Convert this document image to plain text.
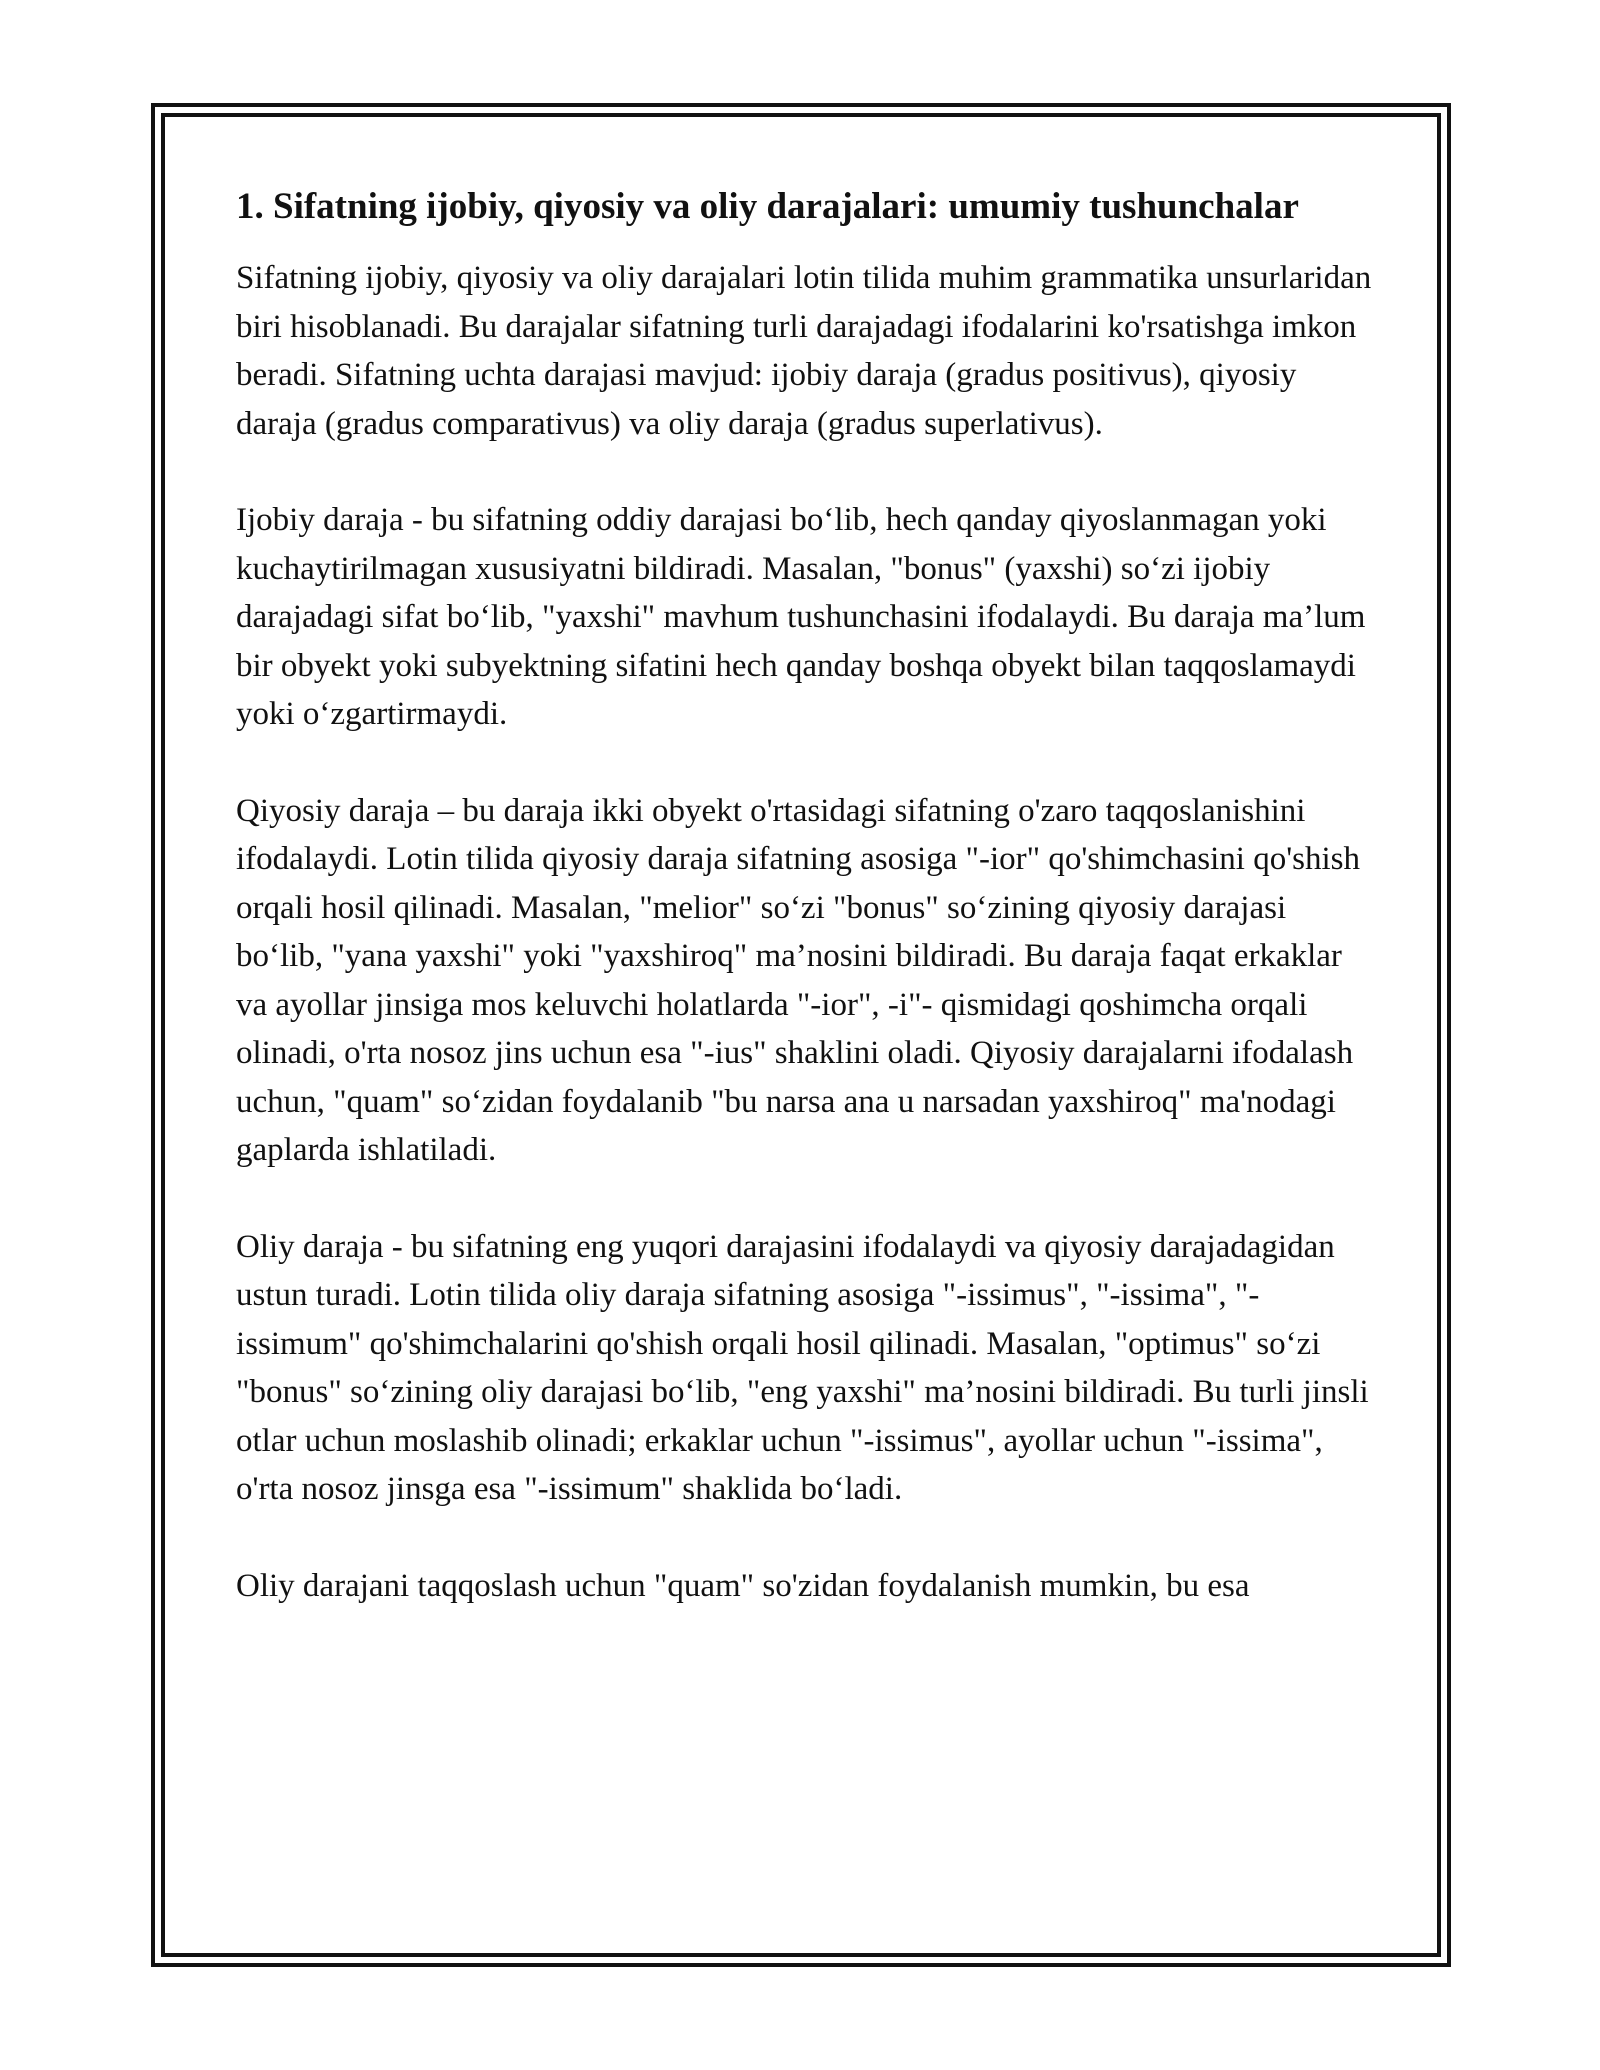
1. Sifatning ijobiy, qiyosiy va oliy darajalari: umumiy tushunchalar

Sifatning ijobiy, qiyosiy va oliy darajalari lotin tilida muhim grammatika unsurlaridan biri hisoblanadi. Bu darajalar sifatning turli darajadagi ifodalarini ko'rsatishga imkon beradi. Sifatning uchta darajasi mavjud: ijobiy daraja (gradus positivus), qiyosiy daraja (gradus comparativus) va oliy daraja (gradus superlativus).

Ijobiy daraja - bu sifatning oddiy darajasi bo‘lib, hech qanday qiyoslanmagan yoki kuchaytirilmagan xususiyatni bildiradi. Masalan, "bonus" (yaxshi) so‘zi ijobiy darajadagi sifat bo‘lib, "yaxshi" mavhum tushunchasini ifodalaydi. Bu daraja ma’lum bir obyekt yoki subyektning sifatini hech qanday boshqa obyekt bilan taqqoslamaydi yoki o‘zgartirmaydi.

Qiyosiy daraja – bu daraja ikki obyekt o'rtasidagi sifatning o'zaro taqqoslanishini ifodalaydi. Lotin tilida qiyosiy daraja sifatning asosiga "-ior" qo'shimchasini qo'shish orqali hosil qilinadi. Masalan, "melior" so‘zi "bonus" so‘zining qiyosiy darajasi bo‘lib, "yana yaxshi" yoki "yaxshiroq" ma’nosini bildiradi. Bu daraja faqat erkaklar va ayollar jinsiga mos keluvchi holatlarda "-ior", -i"- qismidagi qoshimcha orqali olinadi, o'rta nosoz jins uchun esa "-ius" shaklini oladi. Qiyosiy darajalarni ifodalash uchun, "quam" so‘zidan foydalanib "bu narsa ana u narsadan yaxshiroq" ma'nodagi gaplarda ishlatiladi.

Oliy daraja - bu sifatning eng yuqori darajasini ifodalaydi va qiyosiy darajadagidan ustun turadi. Lotin tilida oliy daraja sifatning asosiga "-issimus", "-issima", "-issimum" qo'shimchalarini qo'shish orqali hosil qilinadi. Masalan, "optimus" so‘zi "bonus" so‘zining oliy darajasi bo‘lib, "eng yaxshi" ma’nosini bildiradi. Bu turli jinsli otlar uchun moslashib olinadi; erkaklar uchun "-issimus", ayollar uchun "-issima", o'rta nosoz jinsga esa "-issimum" shaklida bo‘ladi.

Oliy darajani taqqoslash uchun "quam" so'zidan foydalanish mumkin, bu esa
